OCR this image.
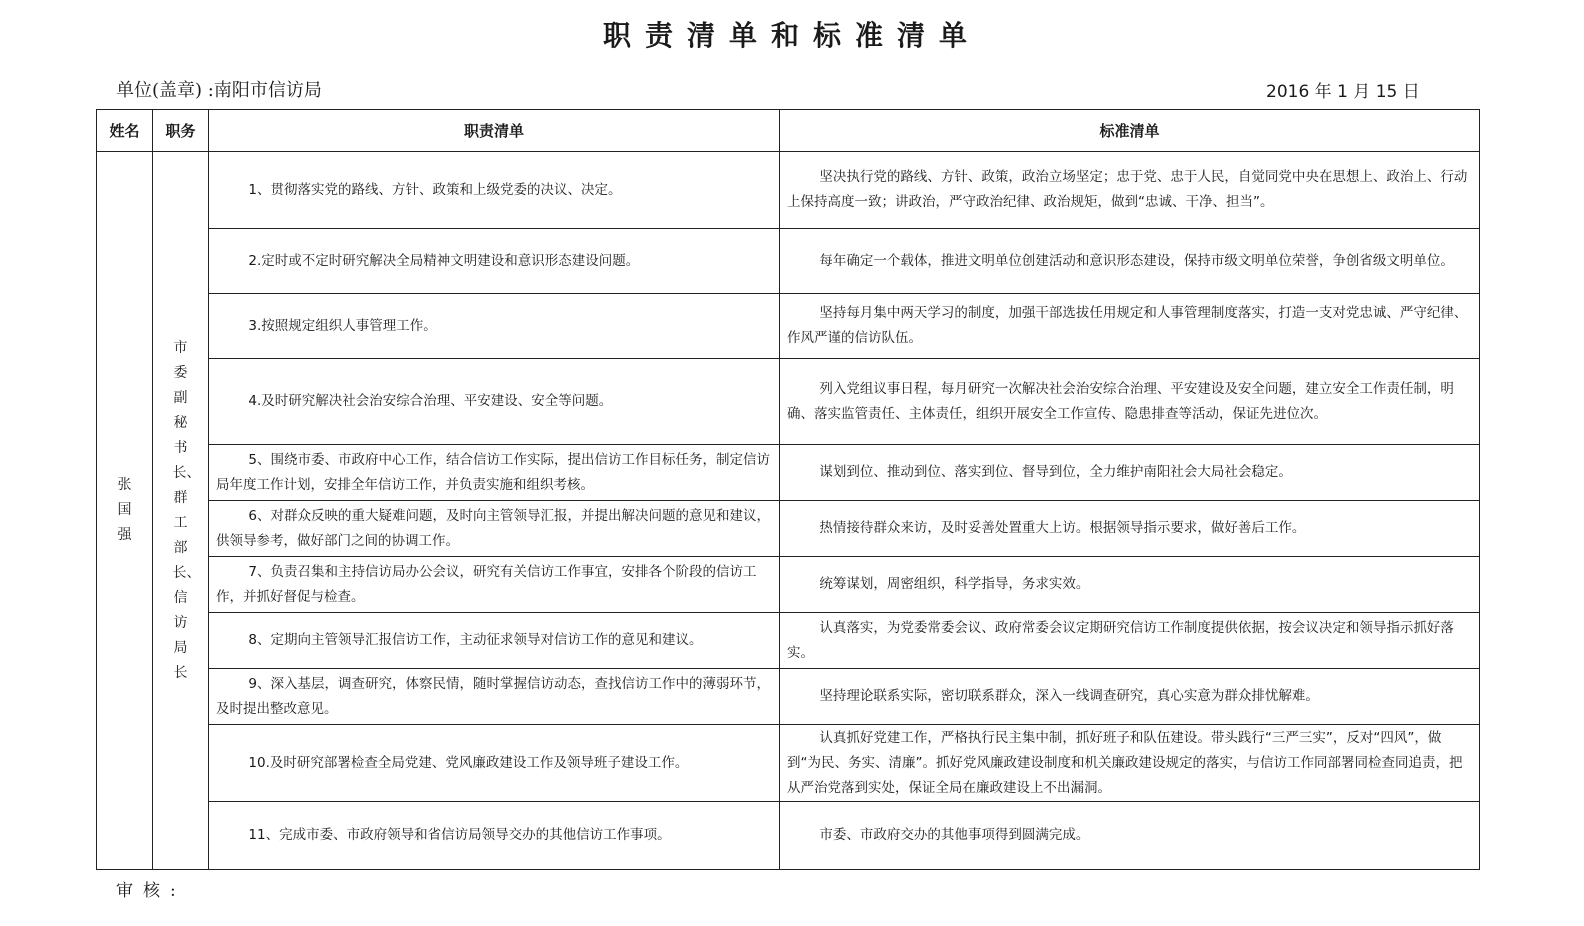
职责清单和标准清单
单位(盖章) :南阳市信访局	2016 年 1 月 15 日
姓名	职务	职责清单	标准清单

张国强	市委副秘书长、群工部长、信访局长	1、贯彻落实党的路线、方针、政策和上级党委的决议、决定。	坚决执行党的路线、方针、政策，政治立场坚定；忠于党、忠于人民，自觉同党中央在思想上、政治上、行动上保持高度一致；讲政治，严守政治纪律、政治规矩，做到“忠诚、干净、担当”。

		2.定时或不定时研究解决全局精神文明建设和意识形态建设问题。	每年确定一个载体，推进文明单位创建活动和意识形态建设，保持市级文明单位荣誉，争创省级文明单位。

		3.按照规定组织人事管理工作。	坚持每月集中两天学习的制度，加强干部选拔任用规定和人事管理制度落实，打造一支对党忠诚、严守纪律、作风严谨的信访队伍。

		4.及时研究解决社会治安综合治理、平安建设、安全等问题。	列入党组议事日程，每月研究一次解决社会治安综合治理、平安建设及安全问题，建立安全工作责任制，明确、落实监管责任、主体责任，组织开展安全工作宣传、隐患排查等活动，保证先进位次。

		5、围绕市委、市政府中心工作，结合信访工作实际，提出信访工作目标任务，制定信访局年度工作计划，安排全年信访工作，并负责实施和组织考核。	谋划到位、推动到位、落实到位、督导到位，全力维护南阳社会大局社会稳定。

		6、对群众反映的重大疑难问题，及时向主管领导汇报，并提出解决问题的意见和建议，供领导参考，做好部门之间的协调工作。	热情接待群众来访，及时妥善处置重大上访。根据领导指示要求，做好善后工作。

		7、负责召集和主持信访局办公会议，研究有关信访工作事宜，安排各个阶段的信访工作，并抓好督促与检查。	统筹谋划，周密组织，科学指导，务求实效。

		8、定期向主管领导汇报信访工作，主动征求领导对信访工作的意见和建议。	认真落实，为党委常委会议、政府常委会议定期研究信访工作制度提供依据，按会议决定和领导指示抓好落实。

		9、深入基层，调查研究，体察民情，随时掌握信访动态，查找信访工作中的薄弱环节，及时提出整改意见。	坚持理论联系实际，密切联系群众，深入一线调查研究，真心实意为群众排忧解难。

		10.及时研究部署检查全局党建、党风廉政建设工作及领导班子建设工作。	认真抓好党建工作，严格执行民主集中制，抓好班子和队伍建设。带头践行“三严三实”，反对“四风”，做到“为民、务实、清廉”。抓好党风廉政建设制度和机关廉政建设规定的落实，与信访工作同部署同检查同追责，把从严治党落到实处，保证全局在廉政建设上不出漏洞。

		11、完成市委、市政府领导和省信访局领导交办的其他信访工作事项。	市委、市政府交办的其他事项得到圆满完成。
审核:
